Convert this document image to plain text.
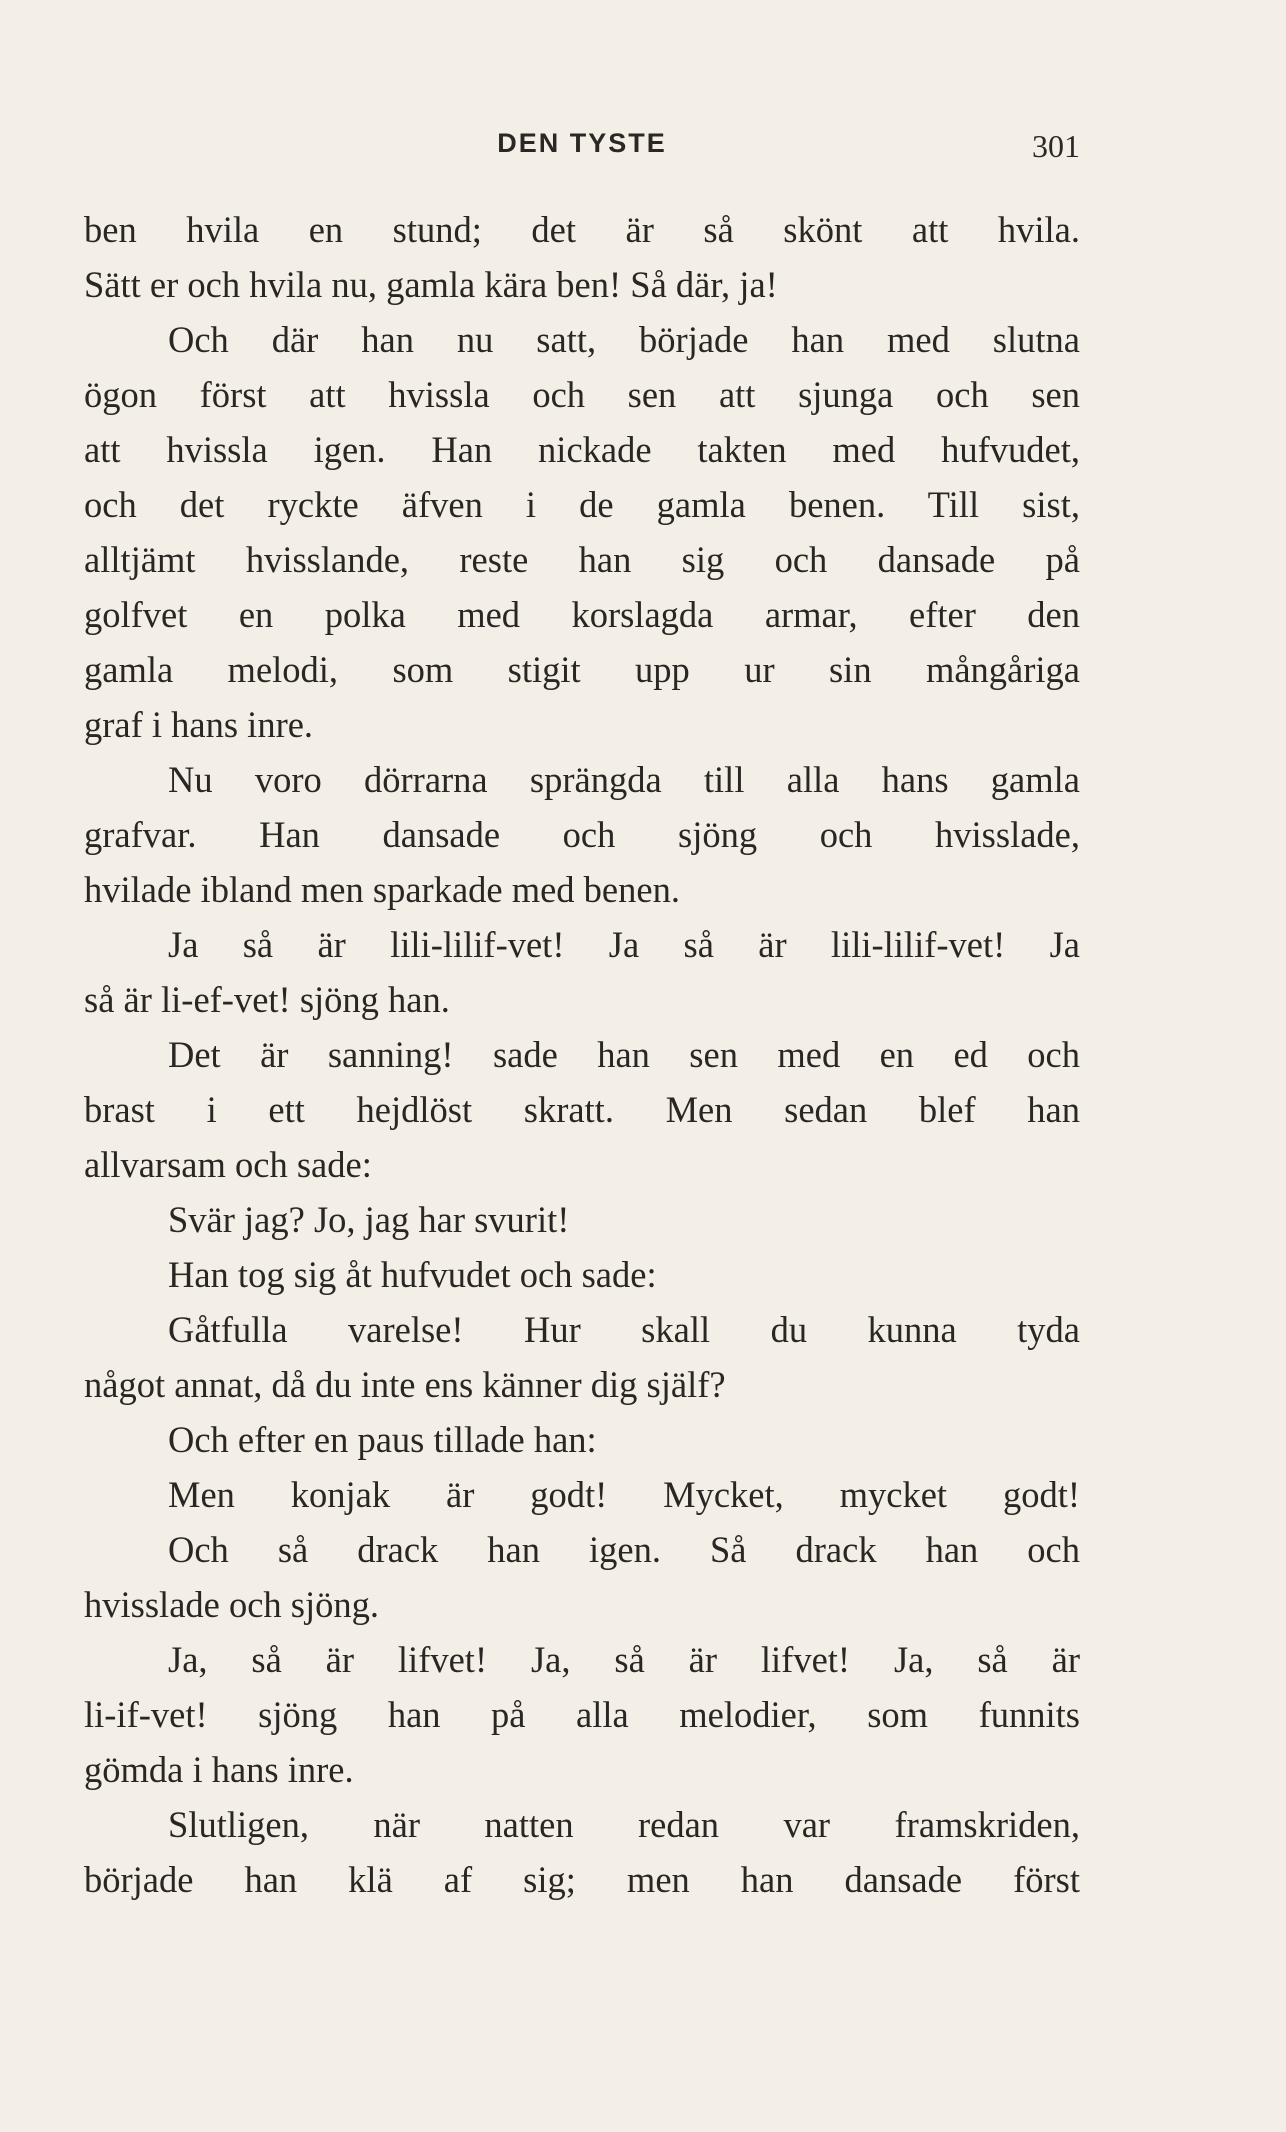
DEN TYSTE	301
ben hvila en stund; det är så skönt att hvila.
Sätt er och hvila nu, gamla kära ben! Så där, ja!
Och där han nu satt, började han med slutna
ögon först att hvissla och sen att sjunga och sen
att hvissla igen. Han nickade takten med hufvudet,
och det ryckte äfven i de gamla benen. Till sist,
alltjämt hvisslande, reste han sig och dansade på
golfvet en polka med korslagda armar, efter den
gamla melodi, som stigit upp ur sin mångåriga
graf i hans inre.
Nu voro dörrarna sprängda till alla hans gamla
grafvar. Han dansade och sjöng och hvisslade,
hvilade ibland men sparkade med benen.
Ja så är lili-lilif-vet! Ja så är lili-lilif-vet! Ja
så är li-ef-vet! sjöng han.
Det är sanning! sade han sen med en ed och
brast i ett hejdlöst skratt. Men sedan blef han
allvarsam och sade:
Svär jag? Jo, jag har svurit!
Han tog sig åt hufvudet och sade:
Gåtfulla varelse! Hur skall du kunna tyda
något annat, då du inte ens känner dig själf?
Och efter en paus tillade han:
Men konjak är godt! Mycket, mycket godt!
Och så drack han igen. Så drack han och
hvisslade och sjöng.
Ja, så är lifvet! Ja, så är lifvet! Ja, så är
li-if-vet! sjöng han på alla melodier, som funnits
gömda i hans inre.
Slutligen, när natten redan var framskriden,
började han klä af sig; men han dansade först
